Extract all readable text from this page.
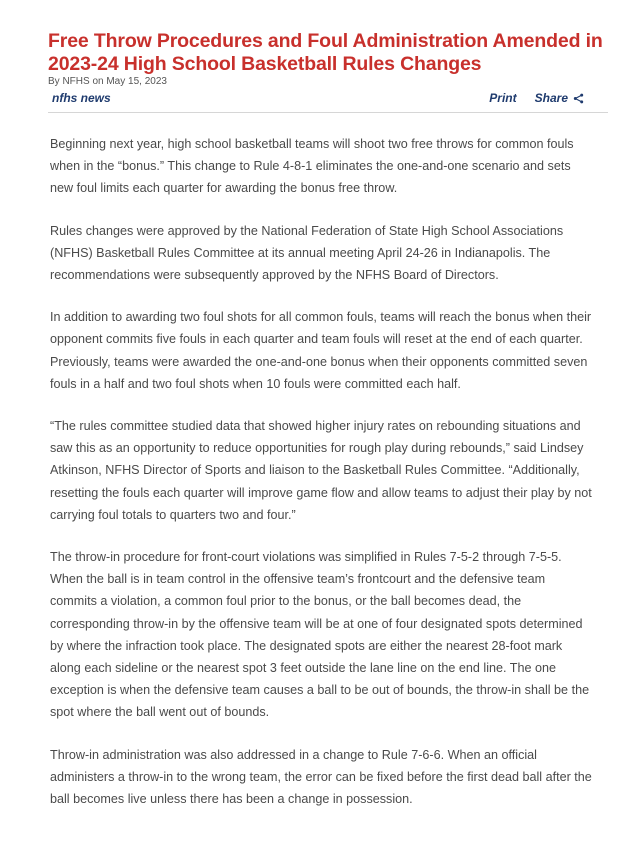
Free Throw Procedures and Foul Administration Amended in 2023-24 High School Basketball Rules Changes
By NFHS on May 15, 2023
nfhs news	Print Share

Beginning next year, high school basketball teams will shoot two free throws for common fouls when in the “bonus.” This change to Rule 4-8-1 eliminates the one-and-one scenario and sets new foul limits each quarter for awarding the bonus free throw.

Rules changes were approved by the National Federation of State High School Associations (NFHS) Basketball Rules Committee at its annual meeting April 24-26 in Indianapolis. The recommendations were subsequently approved by the NFHS Board of Directors.

In addition to awarding two foul shots for all common fouls, teams will reach the bonus when their opponent commits five fouls in each quarter and team fouls will reset at the end of each quarter. Previously, teams were awarded the one-and-one bonus when their opponents committed seven fouls in a half and two foul shots when 10 fouls were committed each half.

“The rules committee studied data that showed higher injury rates on rebounding situations and saw this as an opportunity to reduce opportunities for rough play during rebounds,” said Lindsey Atkinson, NFHS Director of Sports and liaison to the Basketball Rules Committee. “Additionally, resetting the fouls each quarter will improve game flow and allow teams to adjust their play by not carrying foul totals to quarters two and four.”

The throw-in procedure for front-court violations was simplified in Rules 7-5-2 through 7-5-5. When the ball is in team control in the offensive team’s frontcourt and the defensive team commits a violation, a common foul prior to the bonus, or the ball becomes dead, the corresponding throw-in by the offensive team will be at one of four designated spots determined by where the infraction took place. The designated spots are either the nearest 28-foot mark along each sideline or the nearest spot 3 feet outside the lane line on the end line. The one exception is when the defensive team causes a ball to be out of bounds, the throw-in shall be the spot where the ball went out of bounds.

Throw-in administration was also addressed in a change to Rule 7-6-6. When an official administers a throw-in to the wrong team, the error can be fixed before the first dead ball after the ball becomes live unless there has been a change in possession.
